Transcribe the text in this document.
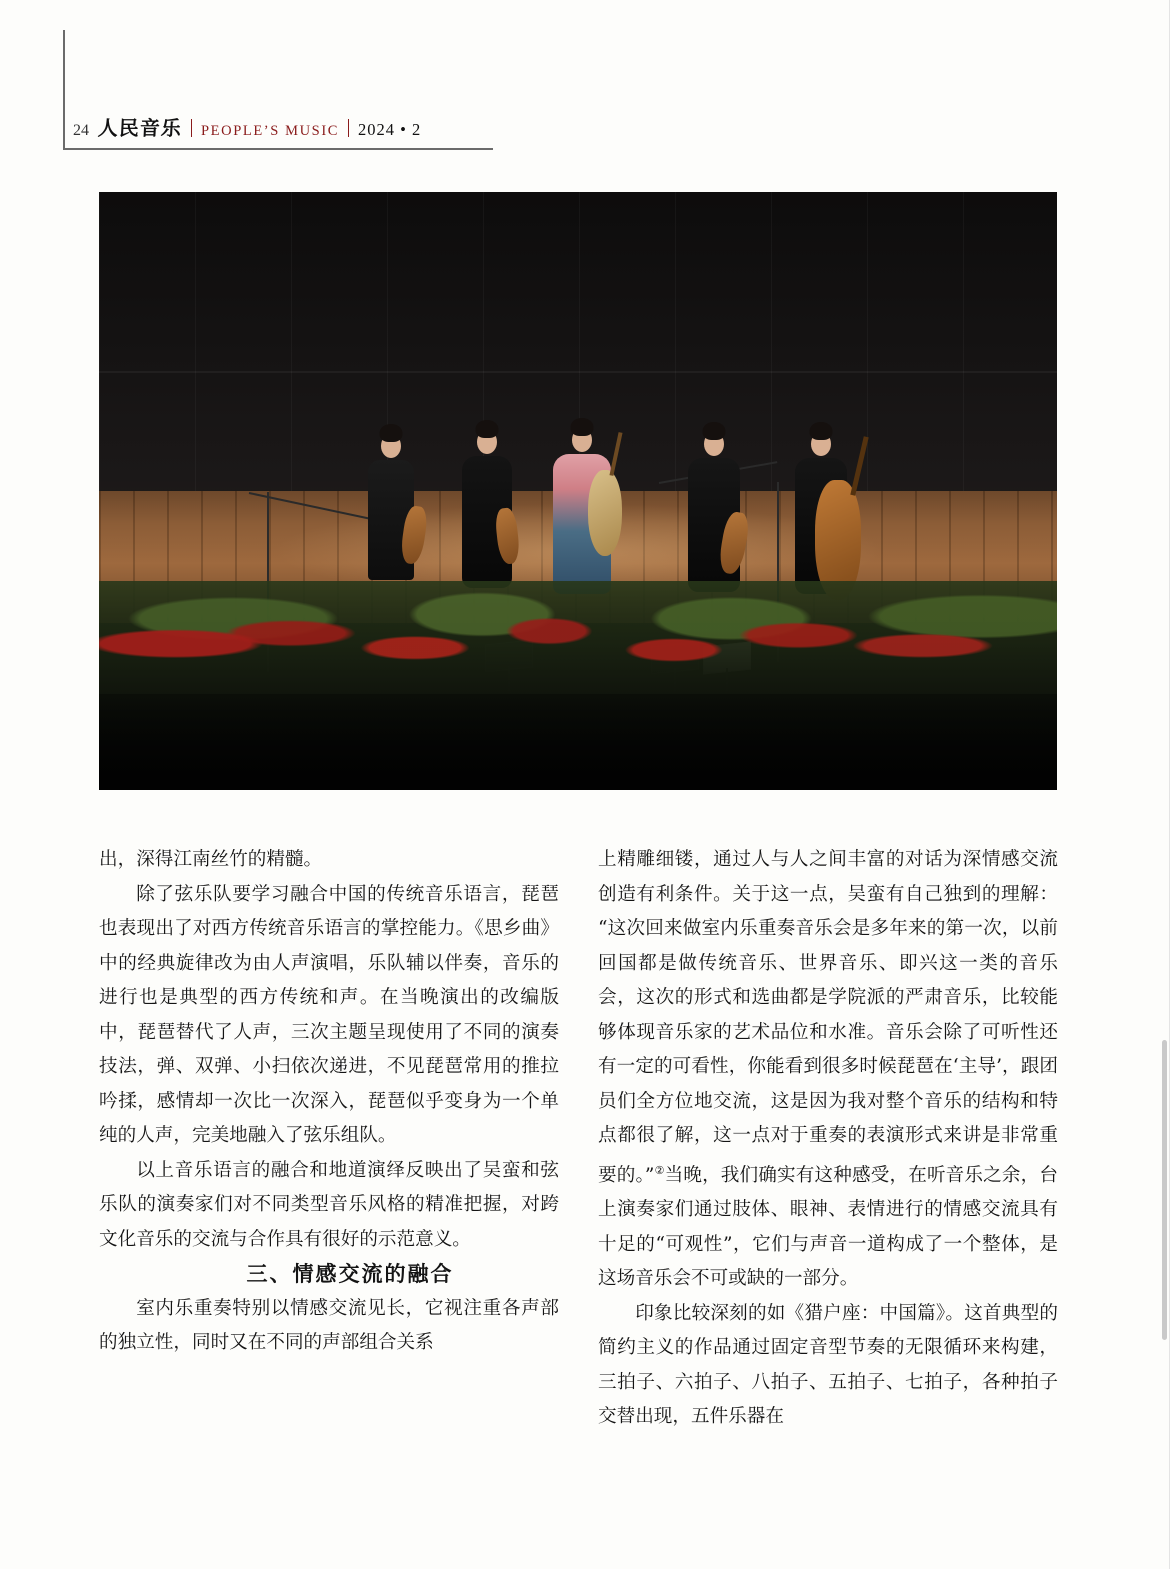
24 人民音乐 PEOPLE’S MUSIC 2024 • 2

出，深得江南丝竹的精髓。

除了弦乐队要学习融合中国的传统音乐语言，琵琶也表现出了对西方传统音乐语言的掌控能力。《思乡曲》中的经典旋律改为由人声演唱，乐队辅以伴奏，音乐的进行也是典型的西方传统和声。在当晚演出的改编版中，琵琶替代了人声，三次主题呈现使用了不同的演奏技法，弹、双弹、小扫依次递进，不见琵琶常用的推拉吟揉，感情却一次比一次深入，琵琶似乎变身为一个单纯的人声，完美地融入了弦乐组队。

以上音乐语言的融合和地道演绎反映出了吴蛮和弦乐队的演奏家们对不同类型音乐风格的精准把握，对跨文化音乐的交流与合作具有很好的示范意义。

三、情感交流的融合

室内乐重奏特别以情感交流见长，它视注重各声部的独立性，同时又在不同的声部组合关系

上精雕细镂，通过人与人之间丰富的对话为深情感交流创造有利条件。关于这一点，吴蛮有自己独到的理解：“这次回来做室内乐重奏音乐会是多年来的第一次，以前回国都是做传统音乐、世界音乐、即兴这一类的音乐会，这次的形式和选曲都是学院派的严肃音乐，比较能够体现音乐家的艺术品位和水准。音乐会除了可听性还有一定的可看性，你能看到很多时候琵琶在‘主导’，跟团员们全方位地交流，这是因为我对整个音乐的结构和特点都很了解，这一点对于重奏的表演形式来讲是非常重要的。”②当晚，我们确实有这种感受，在听音乐之余，台上演奏家们通过肢体、眼神、表情进行的情感交流具有十足的“可观性”，它们与声音一道构成了一个整体，是这场音乐会不可或缺的一部分。

印象比较深刻的如《猎户座：中国篇》。这首典型的简约主义的作品通过固定音型节奏的无限循环来构建，三拍子、六拍子、八拍子、五拍子、七拍子，各种拍子交替出现，五件乐器在
